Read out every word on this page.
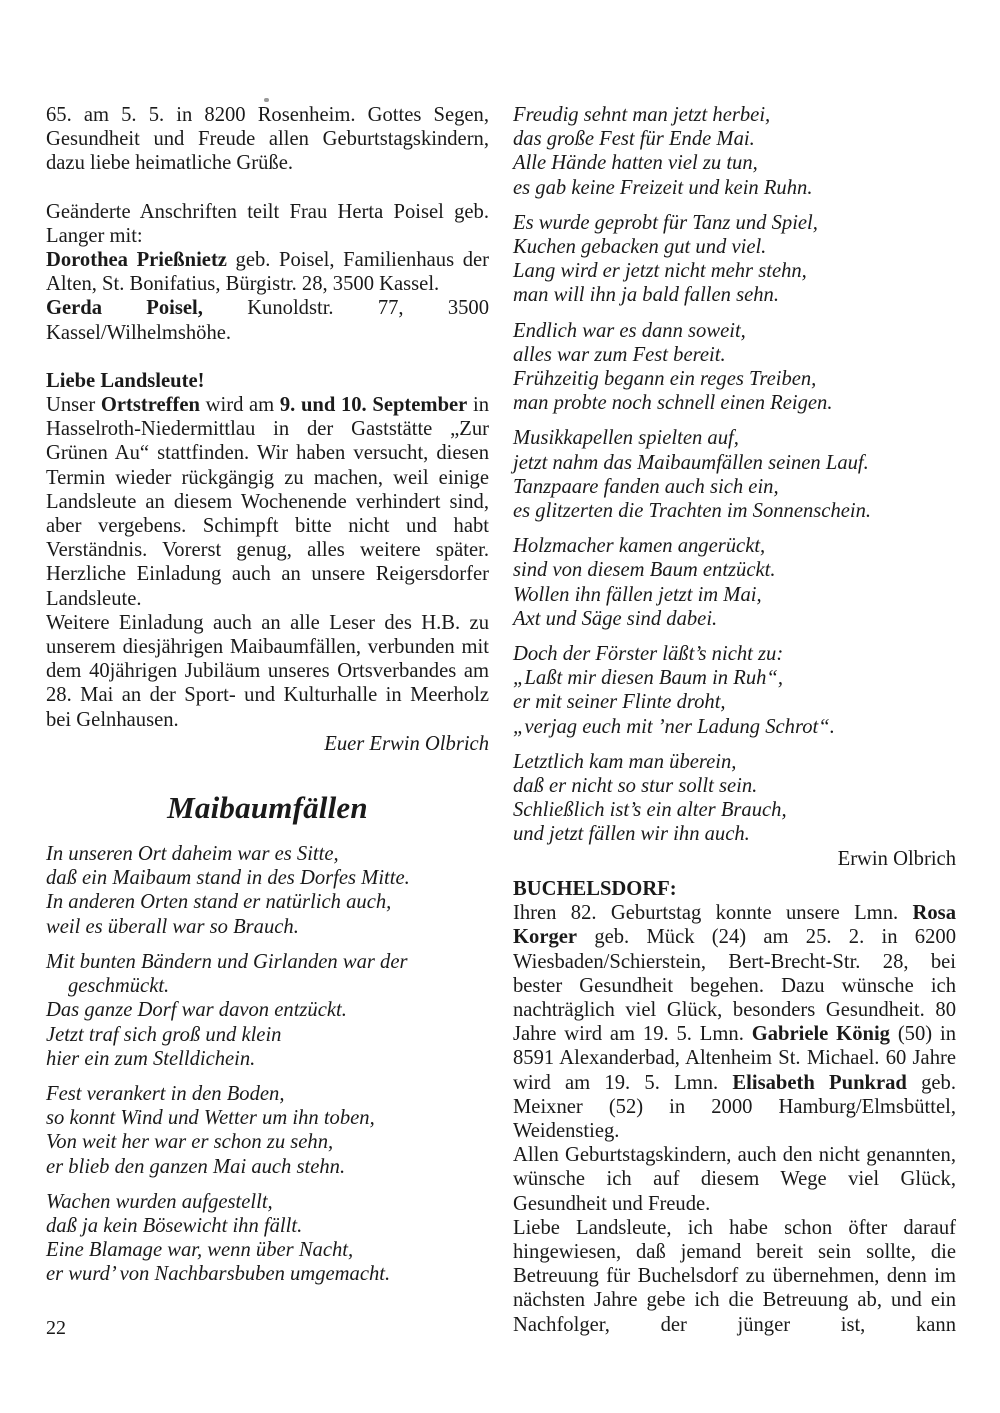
65. am 5. 5. in 8200 Rosenheim. Gottes Segen, Gesundheit und Freude allen Geburtstagskindern, dazu liebe heimatliche Grüße.

Geänderte Anschriften teilt Frau Herta Poisel geb. Langer mit:

Dorothea Prießnietz geb. Poisel, Familienhaus der Alten, St. Bonifatius, Bürgistr. 28, 3500 Kassel.

Gerda Poisel, Kunoldstr. 77, 3500 Kassel/Wilhelmshöhe.

Liebe Landsleute!

Unser Ortstreffen wird am 9. und 10. September in Hasselroth-Niedermittlau in der Gaststätte „Zur Grünen Au“ stattfinden. Wir haben versucht, diesen Termin wieder rückgängig zu machen, weil einige Landsleute an diesem Wochenende verhindert sind, aber vergebens. Schimpft bitte nicht und habt Verständnis. Vorerst genug, alles weitere später. Herzliche Einladung auch an unsere Reigersdorfer Landsleute.

Weitere Einladung auch an alle Leser des H.B. zu unserem diesjährigen Maibaumfällen, verbunden mit dem 40jährigen Jubiläum unseres Ortsverbandes am 28. Mai an der Sport- und Kulturhalle in Meerholz bei Gelnhausen.

Euer Erwin Olbrich

Maibaumfällen
In unseren Ort daheim war es Sitte,
daß ein Maibaum stand in des Dorfes Mitte.
In anderen Orten stand er natürlich auch,
weil es überall war so Brauch.
Mit bunten Bändern und Girlanden war der
geschmückt.
Das ganze Dorf war davon entzückt.
Jetzt traf sich groß und klein
hier ein zum Stelldichein.
Fest verankert in den Boden,
so konnt Wind und Wetter um ihn toben,
Von weit her war er schon zu sehn,
er blieb den ganzen Mai auch stehn.
Wachen wurden aufgestellt,
daß ja kein Bösewicht ihn fällt.
Eine Blamage war, wenn über Nacht,
er wurd’ von Nachbarsbuben umgemacht.
Freudig sehnt man jetzt herbei,
das große Fest für Ende Mai.
Alle Hände hatten viel zu tun,
es gab keine Freizeit und kein Ruhn.
Es wurde geprobt für Tanz und Spiel,
Kuchen gebacken gut und viel.
Lang wird er jetzt nicht mehr stehn,
man will ihn ja bald fallen sehn.
Endlich war es dann soweit,
alles war zum Fest bereit.
Frühzeitig begann ein reges Treiben,
man probte noch schnell einen Reigen.
Musikkapellen spielten auf,
jetzt nahm das Maibaumfällen seinen Lauf.
Tanzpaare fanden auch sich ein,
es glitzerten die Trachten im Sonnenschein.
Holzmacher kamen angerückt,
sind von diesem Baum entzückt.
Wollen ihn fällen jetzt im Mai,
Axt und Säge sind dabei.
Doch der Förster läßt’s nicht zu:
„Laßt mir diesen Baum in Ruh“,
er mit seiner Flinte droht,
„verjag euch mit ’ner Ladung Schrot“.
Letztlich kam man überein,
daß er nicht so stur sollt sein.
Schließlich ist’s ein alter Brauch,
und jetzt fällen wir ihn auch.

Erwin Olbrich

BUCHELSDORF:

Ihren 82. Geburtstag konnte unsere Lmn. Rosa Korger geb. Mück (24) am 25. 2. in 6200 Wiesbaden/Schierstein, Bert-Brecht-Str. 28, bei bester Gesundheit begehen. Dazu wünsche ich nachträglich viel Glück, besonders Gesundheit. 80 Jahre wird am 19. 5. Lmn. Gabriele König (50) in 8591 Alexanderbad, Altenheim St. Michael. 60 Jahre wird am 19. 5. Lmn. Elisabeth Punkrad geb. Meixner (52) in 2000 Hamburg/Elmsbüttel, Weidenstieg.

Allen Geburtstagskindern, auch den nicht genannten, wünsche ich auf diesem Wege viel Glück, Gesundheit und Freude.

Liebe Landsleute, ich habe schon öfter darauf hingewiesen, daß jemand bereit sein sollte, die Betreuung für Buchelsdorf zu übernehmen, denn im nächsten Jahre gebe ich die Betreuung ab, und ein Nachfolger, der jünger ist, kann

22
